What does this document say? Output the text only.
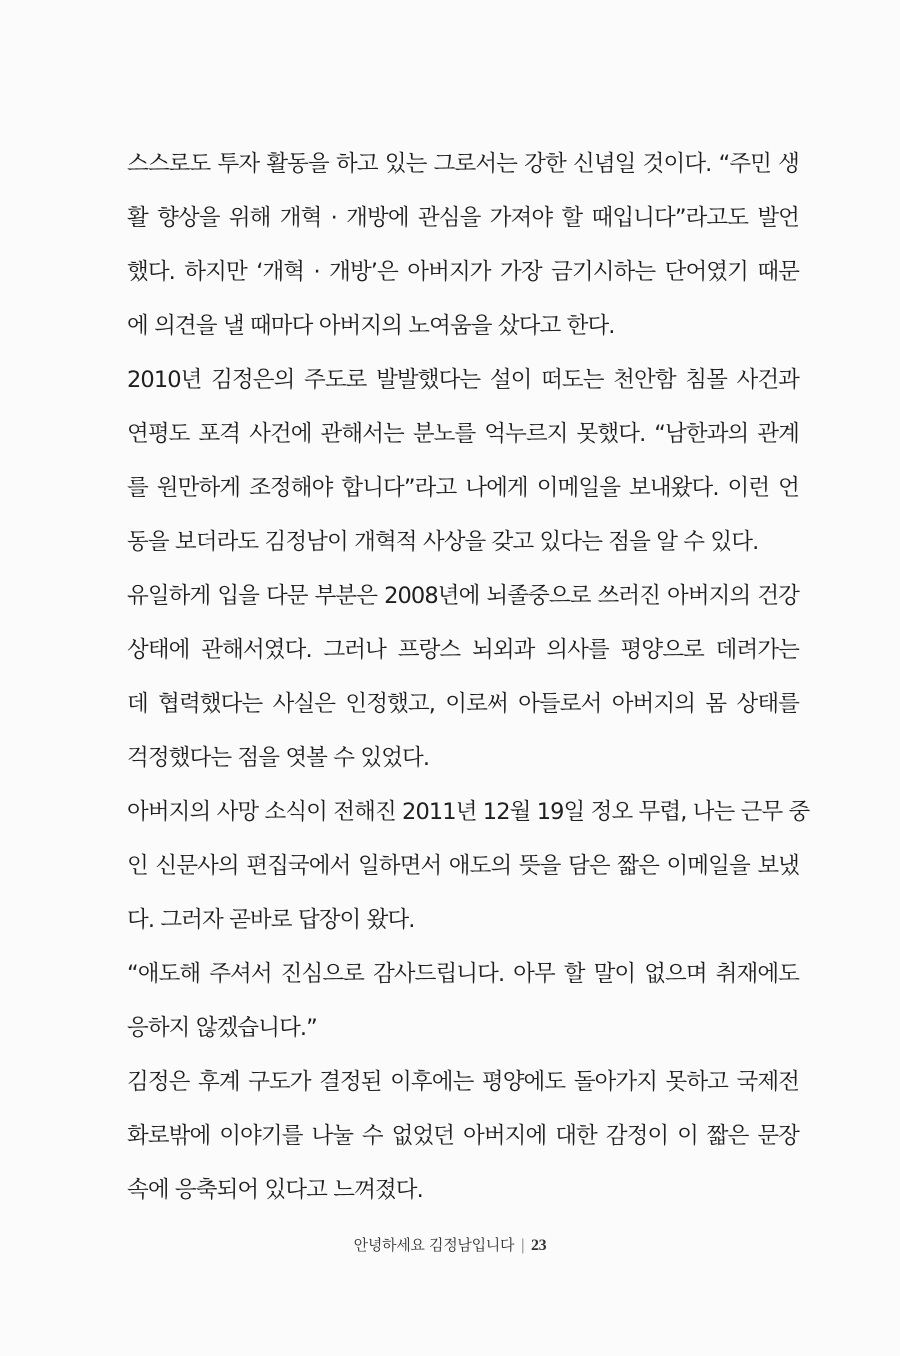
스스로도 투자 활동을 하고 있는 그로서는 강한 신념일 것이다. “주민 생
활 향상을 위해 개혁 · 개방에 관심을 가져야 할 때입니다”라고도 발언
했다. 하지만 ‘개혁 · 개방’은 아버지가 가장 금기시하는 단어였기 때문
에 의견을 낼 때마다 아버지의 노여움을 샀다고 한다.
2010년 김정은의 주도로 발발했다는 설이 떠도는 천안함 침몰 사건과
연평도 포격 사건에 관해서는 분노를 억누르지 못했다. “남한과의 관계
를 원만하게 조정해야 합니다”라고 나에게 이메일을 보내왔다. 이런 언
동을 보더라도 김정남이 개혁적 사상을 갖고 있다는 점을 알 수 있다.
유일하게 입을 다문 부분은 2008년에 뇌졸중으로 쓰러진 아버지의 건강
상태에 관해서였다. 그러나 프랑스 뇌외과 의사를 평양으로 데려가는
데 협력했다는 사실은 인정했고, 이로써 아들로서 아버지의 몸 상태를
걱정했다는 점을 엿볼 수 있었다.
아버지의 사망 소식이 전해진 2011년 12월 19일 정오 무렵, 나는 근무 중
인 신문사의 편집국에서 일하면서 애도의 뜻을 담은 짧은 이메일을 보냈
다. 그러자 곧바로 답장이 왔다.
“애도해 주셔서 진심으로 감사드립니다. 아무 할 말이 없으며 취재에도
응하지 않겠습니다.”
김정은 후계 구도가 결정된 이후에는 평양에도 돌아가지 못하고 국제전
화로밖에 이야기를 나눌 수 없었던 아버지에 대한 감정이 이 짧은 문장
속에 응축되어 있다고 느껴졌다.
안녕하세요 김정남입니다 | 23
